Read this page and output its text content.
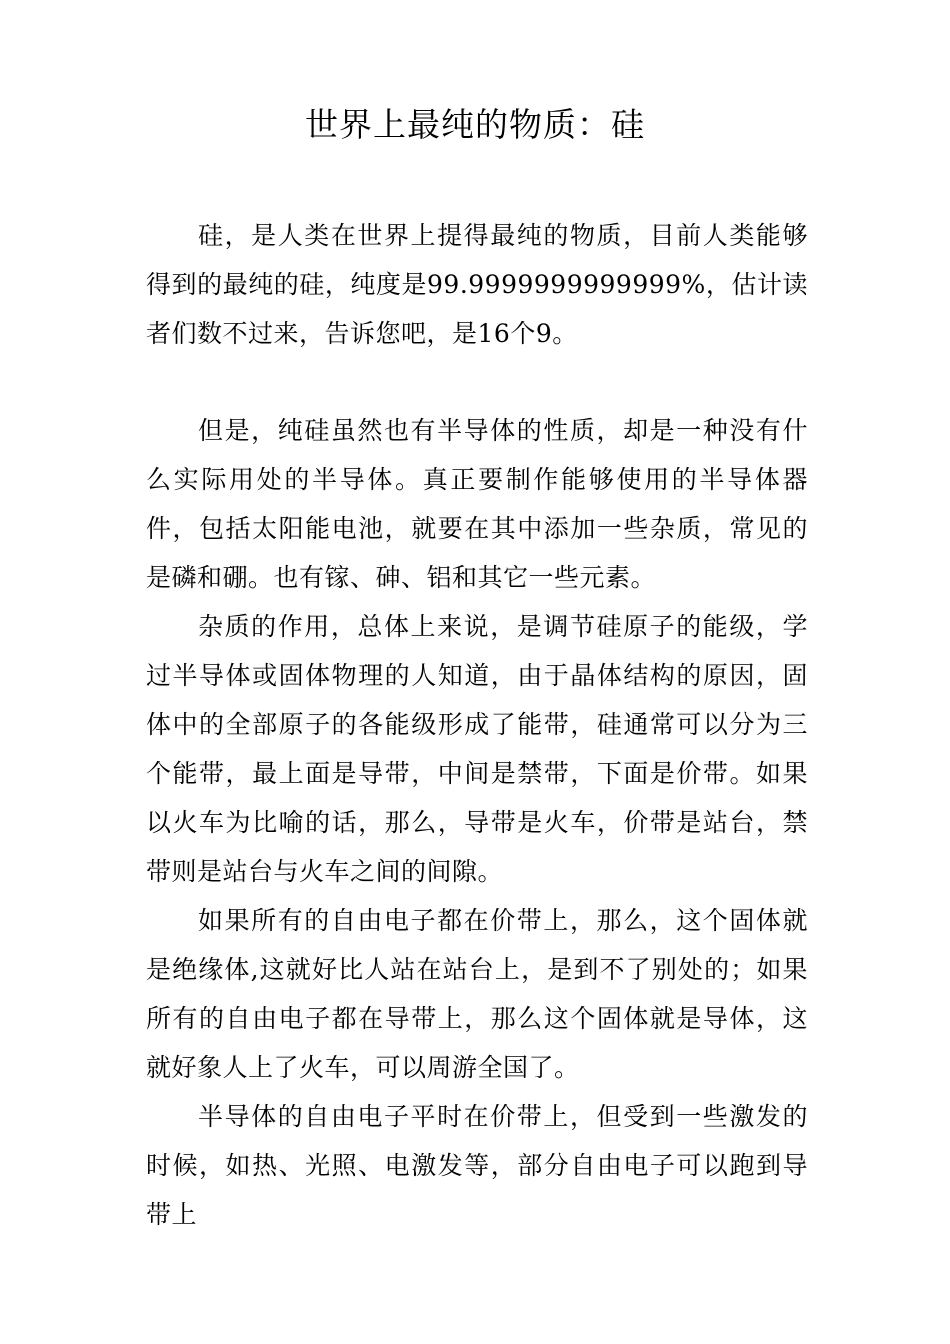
世界上最纯的物质：硅

硅，是人类在世界上提得最纯的物质，目前人类能够得到的最纯的硅，纯度是99.9999999999999%，估计读者们数不过来，告诉您吧，是16个9。

但是，纯硅虽然也有半导体的性质，却是一种没有什么实际用处的半导体。真正要制作能够使用的半导体器件，包括太阳能电池，就要在其中添加一些杂质，常见的是磷和硼。也有镓、砷、铝和其它一些元素。

杂质的作用，总体上来说，是调节硅原子的能级，学过半导体或固体物理的人知道，由于晶体结构的原因，固体中的全部原子的各能级形成了能带，硅通常可以分为三个能带，最上面是导带，中间是禁带，下面是价带。如果以火车为比喻的话，那么，导带是火车，价带是站台，禁带则是站台与火车之间的间隙。

如果所有的自由电子都在价带上，那么，这个固体就是绝缘体,这就好比人站在站台上，是到不了别处的；如果所有的自由电子都在导带上，那么这个固体就是导体，这就好象人上了火车，可以周游全国了。

半导体的自由电子平时在价带上，但受到一些激发的时候，如热、光照、电激发等，部分自由电子可以跑到导带上
